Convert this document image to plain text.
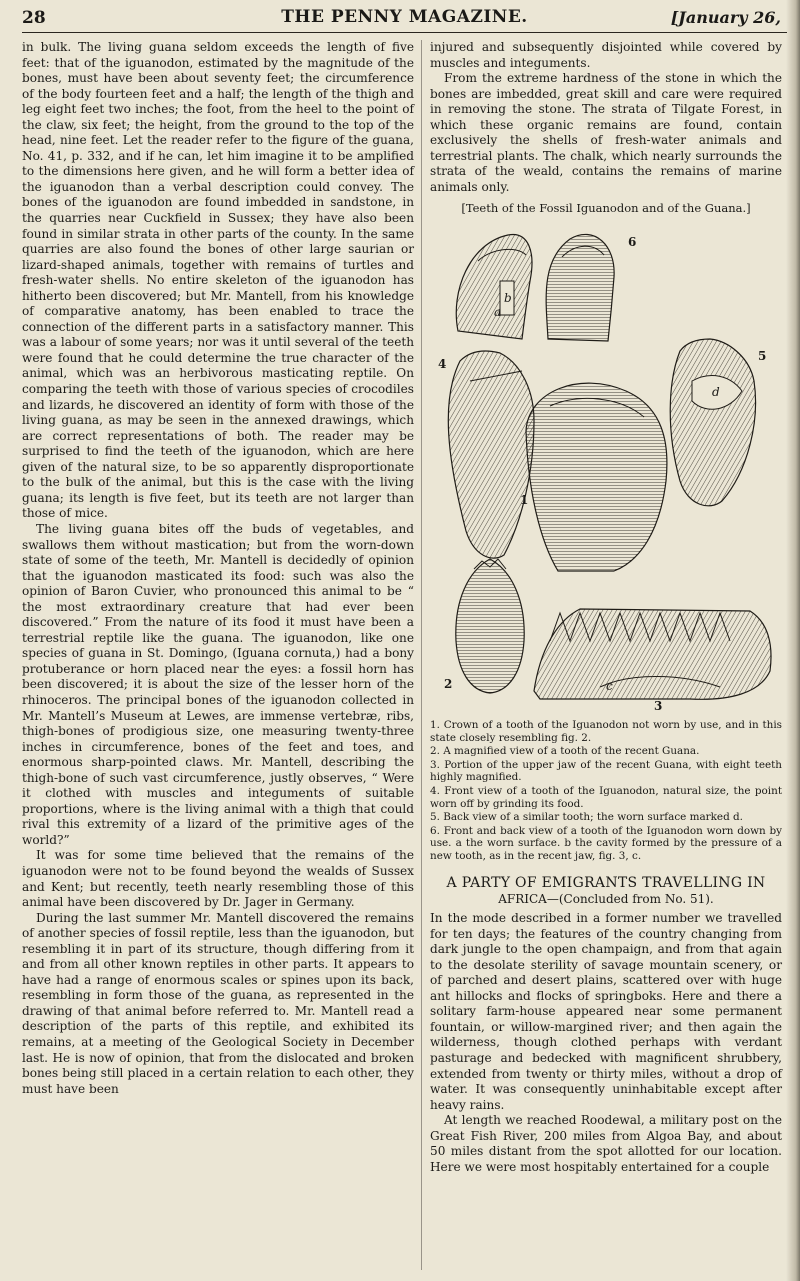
28	THE PENNY MAGAZINE.	[January 26,

in bulk. The living guana seldom exceeds the length of five feet: that of the iguanodon, estimated by the magnitude of the bones, must have been about seventy feet; the circumference of the body fourteen feet and a half; the length of the thigh and leg eight feet two inches; the foot, from the heel to the point of the claw, six feet; the height, from the ground to the top of the head, nine feet. Let the reader refer to the figure of the guana, No. 41, p. 332, and if he can, let him imagine it to be amplified to the dimensions here given, and he will form a better idea of the iguanodon than a verbal description could convey. The bones of the iguanodon are found imbedded in sandstone, in the quarries near Cuckfield in Sussex; they have also been found in similar strata in other parts of the county. In the same quarries are also found the bones of other large saurian or lizard-shaped animals, together with remains of turtles and fresh-water shells. No entire skeleton of the iguanodon has hitherto been discovered; but Mr. Mantell, from his knowledge of comparative anatomy, has been enabled to trace the connection of the different parts in a satisfactory manner. This was a labour of some years; nor was it until several of the teeth were found that he could determine the true character of the animal, which was an herbivorous masticating reptile. On comparing the teeth with those of various species of crocodiles and lizards, he discovered an identity of form with those of the living guana, as may be seen in the annexed drawings, which are correct representations of both. The reader may be surprised to find the teeth of the iguanodon, which are here given of the natural size, to be so apparently disproportionate to the bulk of the animal, but this is the case with the living guana; its length is five feet, but its teeth are not larger than those of mice.

The living guana bites off the buds of vegetables, and swallows them without mastication; but from the worn-down state of some of the teeth, Mr. Mantell is decidedly of opinion that the iguanodon masticated its food: such was also the opinion of Baron Cuvier, who pronounced this animal to be “ the most extraordinary creature that had ever been discovered.” From the nature of its food it must have been a terrestrial reptile like the guana. The iguanodon, like one species of guana in St. Domingo, (Iguana cornuta,) had a bony protuberance or horn placed near the eyes: a fossil horn has been discovered; it is about the size of the lesser horn of the rhinoceros. The principal bones of the iguanodon collected in Mr. Mantell’s Museum at Lewes, are immense vertebræ, ribs, thigh-bones of prodigious size, one measuring twenty-three inches in circumference, bones of the feet and toes, and enormous sharp-pointed claws. Mr. Mantell, describing the thigh-bone of such vast circumference, justly observes, “ Were it clothed with muscles and integuments of suitable proportions, where is the living animal with a thigh that could rival this extremity of a lizard of the primitive ages of the world?”

It was for some time believed that the remains of the iguanodon were not to be found beyond the wealds of Sussex and Kent; but recently, teeth nearly resembling those of this animal have been discovered by Dr. Jager in Germany.

During the last summer Mr. Mantell discovered the remains of another species of fossil reptile, less than the iguanodon, but resembling it in part of its structure, though differing from it and from all other known reptiles in other parts. It appears to have had a range of enormous scales or spines upon its back, resembling in form those of the guana, as represented in the drawing of that animal before referred to. Mr. Mantell read a description of the parts of this reptile, and exhibited its remains, at a meeting of the Geological Society in December last. He is now of opinion, that from the dislocated and broken bones being still placed in a certain relation to each other, they must have been

injured and subsequently disjointed while covered by muscles and integuments.

From the extreme hardness of the stone in which the bones are imbedded, great skill and care were required in removing the stone. The strata of Tilgate Forest, in which these organic remains are found, contain exclusively the shells of fresh-water animals and terrestrial plants. The chalk, which nearly surrounds the strata of the weald, contains the remains of marine animals only.

[Teeth of the Fossil Iguanodon and of the Guana.]
6
4
5
1
2
3
a
b
c
d
1. Crown of a tooth of the Iguanodon not worn by use, and in this state closely resembling fig. 2.
2. A magnified view of a tooth of the recent Guana.
3. Portion of the upper jaw of the recent Guana, with eight teeth highly magnified.
4. Front view of a tooth of the Iguanodon, natural size, the point worn off by grinding its food.
5. Back view of a similar tooth; the worn surface marked d.
6. Front and back view of a tooth of the Iguanodon worn down by use. a the worn surface. b the cavity formed by the pressure of a new tooth, as in the recent jaw, fig. 3, c.
A PARTY OF EMIGRANTS TRAVELLING IN
AFRICA—(Concluded from No. 51).

In the mode described in a former number we travelled for ten days; the features of the country changing from dark jungle to the open champaign, and from that again to the desolate sterility of savage mountain scenery, or of parched and desert plains, scattered over with huge ant hillocks and flocks of springboks. Here and there a solitary farm-house appeared near some permanent fountain, or willow-margined river; and then again the wilderness, though clothed perhaps with verdant pasturage and bedecked with magnificent shrubbery, extended from twenty or thirty miles, without a drop of water. It was consequently uninhabitable except after heavy rains.

At length we reached Roodewal, a military post on the Great Fish River, 200 miles from Algoa Bay, and about 50 miles distant from the spot allotted for our location. Here we were most hospitably entertained for a couple
